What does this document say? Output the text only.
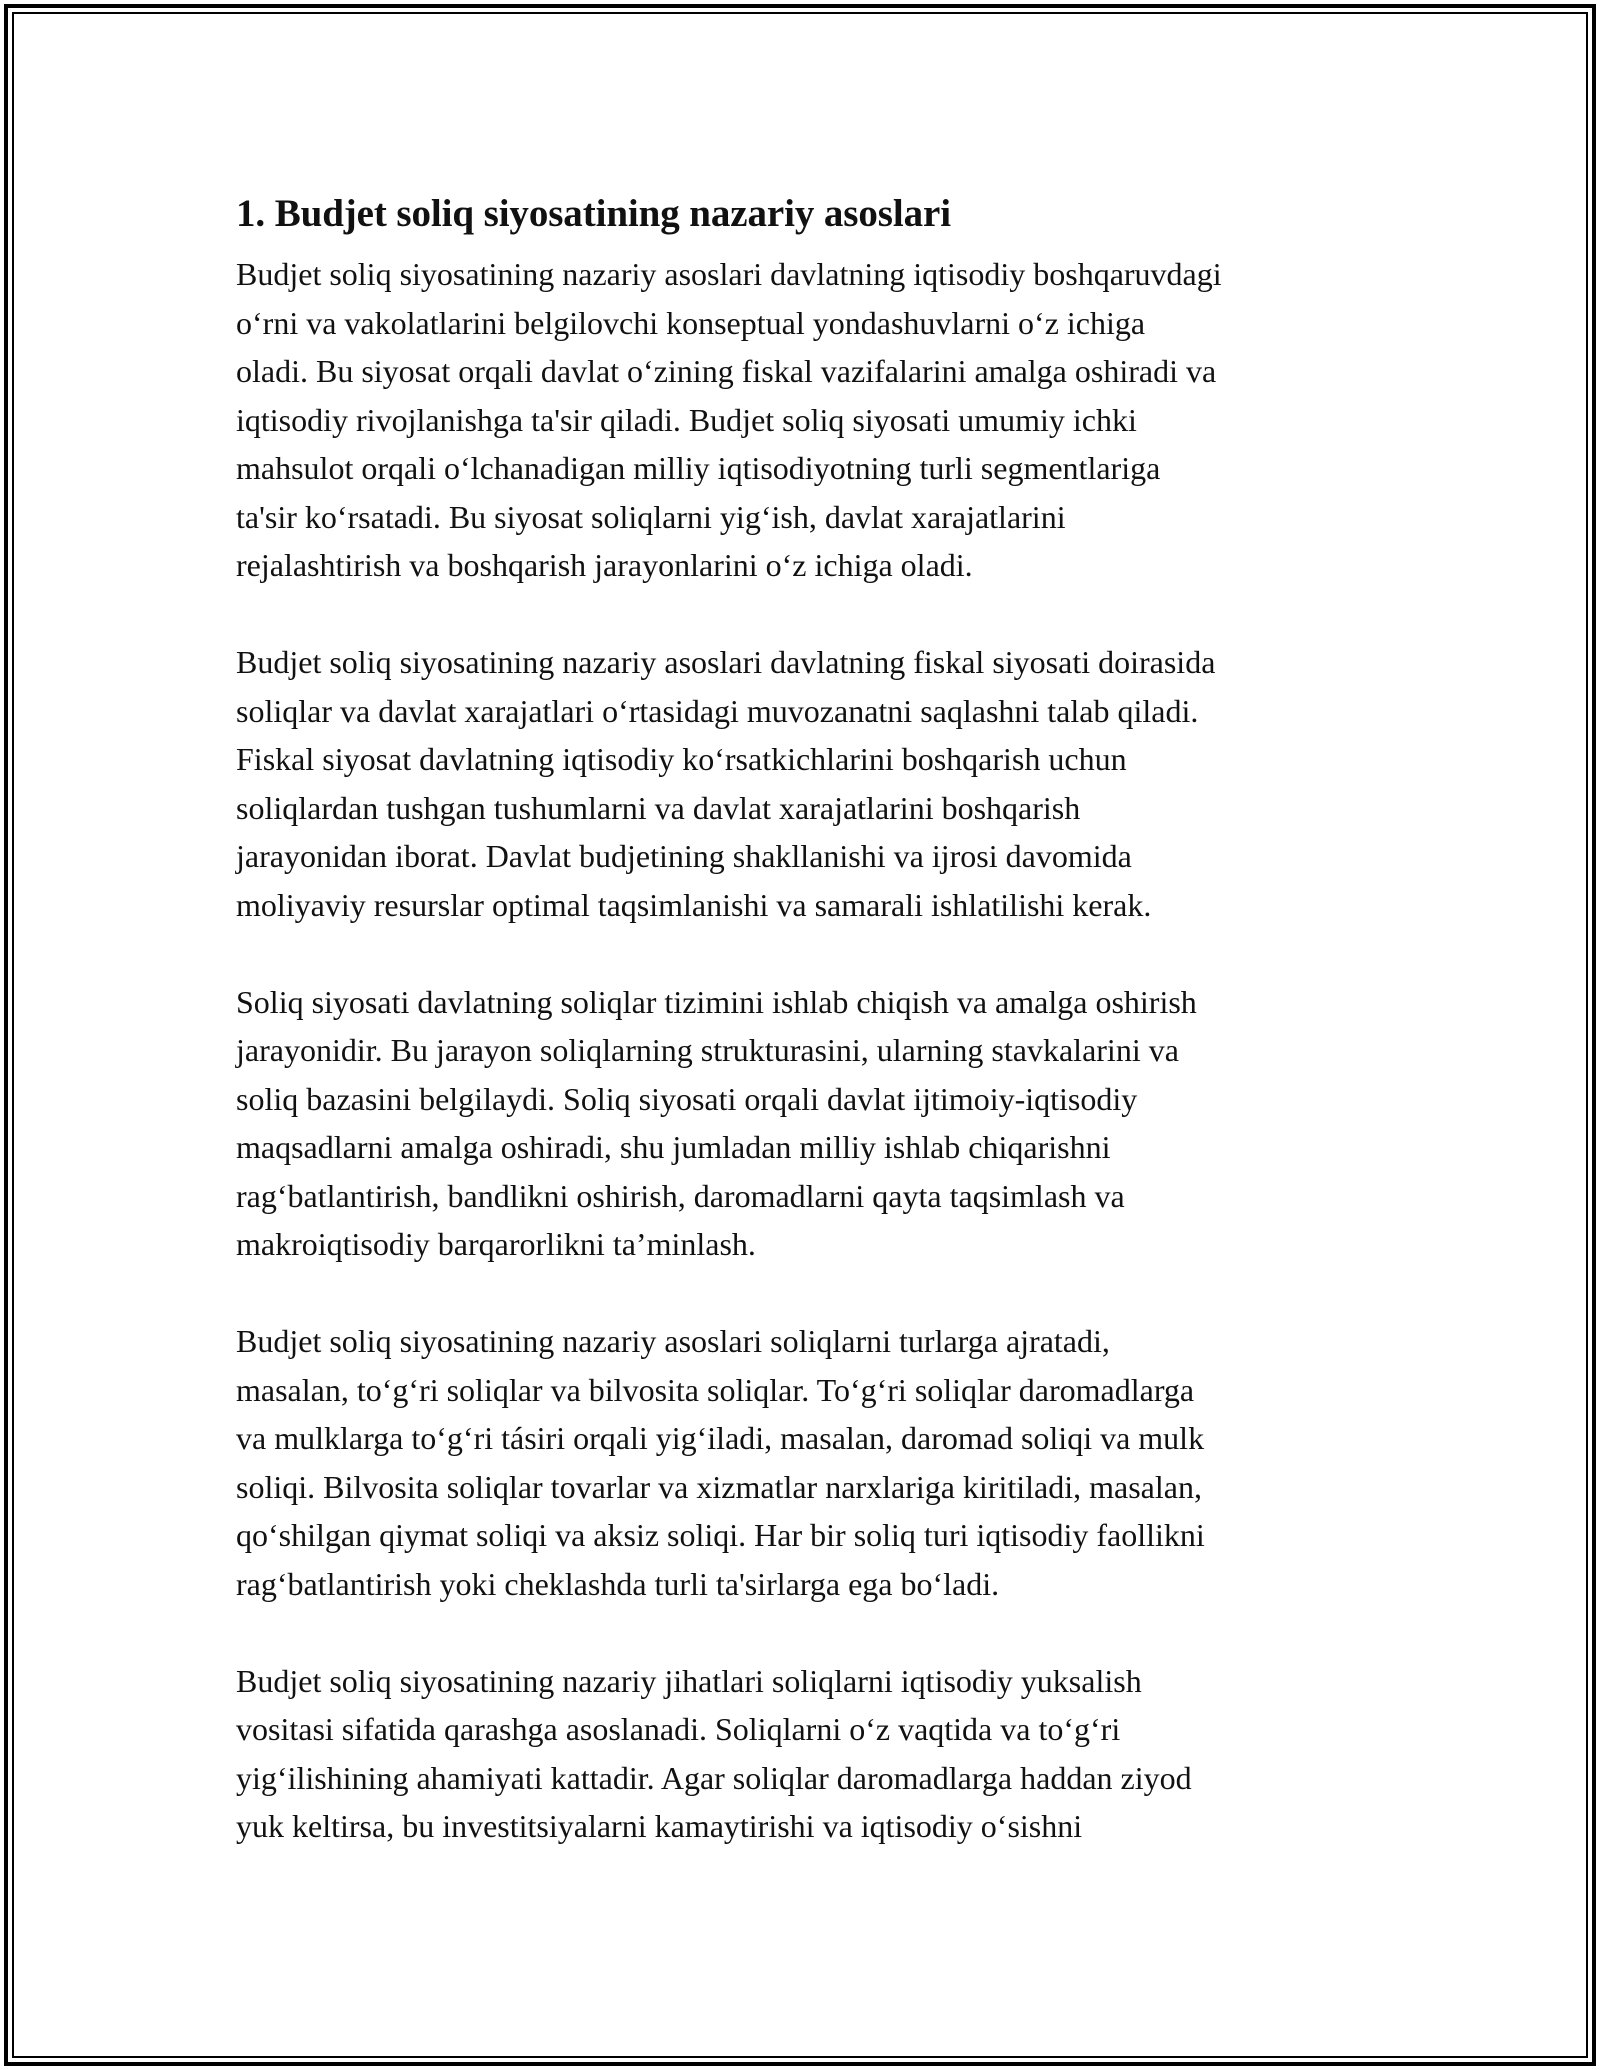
1. Budjet soliq siyosatining nazariy asoslari

Budjet soliq siyosatining nazariy asoslari davlatning iqtisodiy boshqaruvdagi
o‘rni va vakolatlarini belgilovchi konseptual yondashuvlarni o‘z ichiga
oladi. Bu siyosat orqali davlat o‘zining fiskal vazifalarini amalga oshiradi va
iqtisodiy rivojlanishga ta'sir qiladi. Budjet soliq siyosati umumiy ichki
mahsulot orqali o‘lchanadigan milliy iqtisodiyotning turli segmentlariga
ta'sir ko‘rsatadi. Bu siyosat soliqlarni yig‘ish, davlat xarajatlarini
rejalashtirish va boshqarish jarayonlarini o‘z ichiga oladi.

Budjet soliq siyosatining nazariy asoslari davlatning fiskal siyosati doirasida
soliqlar va davlat xarajatlari o‘rtasidagi muvozanatni saqlashni talab qiladi.
Fiskal siyosat davlatning iqtisodiy ko‘rsatkichlarini boshqarish uchun
soliqlardan tushgan tushumlarni va davlat xarajatlarini boshqarish
jarayonidan iborat. Davlat budjetining shakllanishi va ijrosi davomida
moliyaviy resurslar optimal taqsimlanishi va samarali ishlatilishi kerak.

Soliq siyosati davlatning soliqlar tizimini ishlab chiqish va amalga oshirish
jarayonidir. Bu jarayon soliqlarning strukturasini, ularning stavkalarini va
soliq bazasini belgilaydi. Soliq siyosati orqali davlat ijtimoiy-iqtisodiy
maqsadlarni amalga oshiradi, shu jumladan milliy ishlab chiqarishni
rag‘batlantirish, bandlikni oshirish, daromadlarni qayta taqsimlash va
makroiqtisodiy barqarorlikni ta’minlash.

Budjet soliq siyosatining nazariy asoslari soliqlarni turlarga ajratadi,
masalan, to‘g‘ri soliqlar va bilvosita soliqlar. To‘g‘ri soliqlar daromadlarga
va mulklarga to‘g‘ri tásiri orqali yig‘iladi, masalan, daromad soliqi va mulk
soliqi. Bilvosita soliqlar tovarlar va xizmatlar narxlariga kiritiladi, masalan,
qo‘shilgan qiymat soliqi va aksiz soliqi. Har bir soliq turi iqtisodiy faollikni
rag‘batlantirish yoki cheklashda turli ta'sirlarga ega bo‘ladi.

Budjet soliq siyosatining nazariy jihatlari soliqlarni iqtisodiy yuksalish
vositasi sifatida qarashga asoslanadi. Soliqlarni o‘z vaqtida va to‘g‘ri
yig‘ilishining ahamiyati kattadir. Agar soliqlar daromadlarga haddan ziyod
yuk keltirsa, bu investitsiyalarni kamaytirishi va iqtisodiy o‘sishni
